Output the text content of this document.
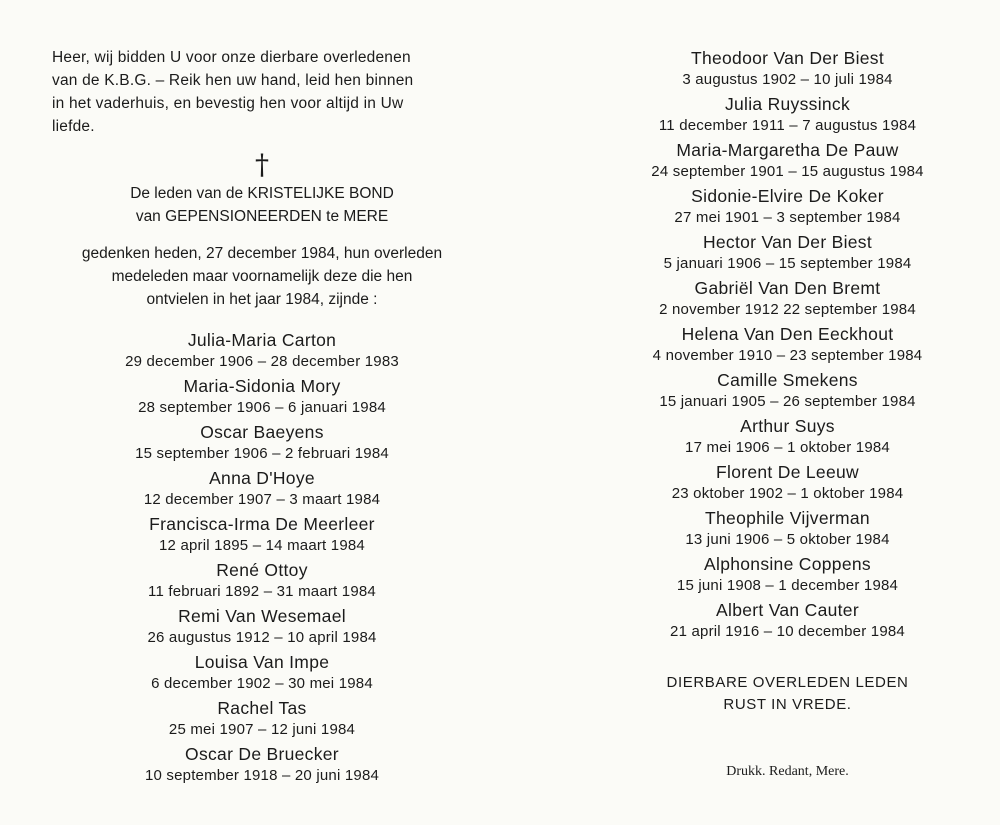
Heer, wij bidden U voor onze dierbare overledenen
van de K.B.G. – Reik hen uw hand, leid hen binnen
in het vaderhuis, en bevestig hen voor altijd in Uw
liefde.
†
De leden van de KRISTELIJKE BOND
van GEPENSIONEERDEN te MERE
gedenken heden, 27 december 1984, hun overleden
medeleden maar voornamelijk deze die hen
ontvielen in het jaar 1984, zijnde :
Julia-Maria Carton
29 december 1906 – 28 december 1983
Maria-Sidonia Mory
28 september 1906 – 6 januari 1984
Oscar Baeyens
15 september 1906 – 2 februari 1984
Anna D'Hoye
12 december 1907 – 3 maart 1984
Francisca-Irma De Meerleer
12 april 1895 – 14 maart 1984
René Ottoy
11 februari 1892 – 31 maart 1984
Remi Van Wesemael
26 augustus 1912 – 10 april 1984
Louisa Van Impe
6 december 1902 – 30 mei 1984
Rachel Tas
25 mei 1907 – 12 juni 1984
Oscar De Bruecker
10 september 1918 – 20 juni 1984
Theodoor Van Der Biest
3 augustus 1902 – 10 juli 1984
Julia Ruyssinck
11 december 1911 – 7 augustus 1984
Maria-Margaretha De Pauw
24 september 1901 – 15 augustus 1984
Sidonie-Elvire De Koker
27 mei 1901 – 3 september 1984
Hector Van Der Biest
5 januari 1906 – 15 september 1984
Gabriël Van Den Bremt
2 november 1912 22 september 1984
Helena Van Den Eeckhout
4 november 1910 – 23 september 1984
Camille Smekens
15 januari 1905 – 26 september 1984
Arthur Suys
17 mei 1906 – 1 oktober 1984
Florent De Leeuw
23 oktober 1902 – 1 oktober 1984
Theophile Vijverman
13 juni 1906 – 5 oktober 1984
Alphonsine Coppens
15 juni 1908 – 1 december 1984
Albert Van Cauter
21 april 1916 – 10 december 1984
DIERBARE OVERLEDEN LEDEN
RUST IN VREDE.
Drukk. Redant, Mere.
